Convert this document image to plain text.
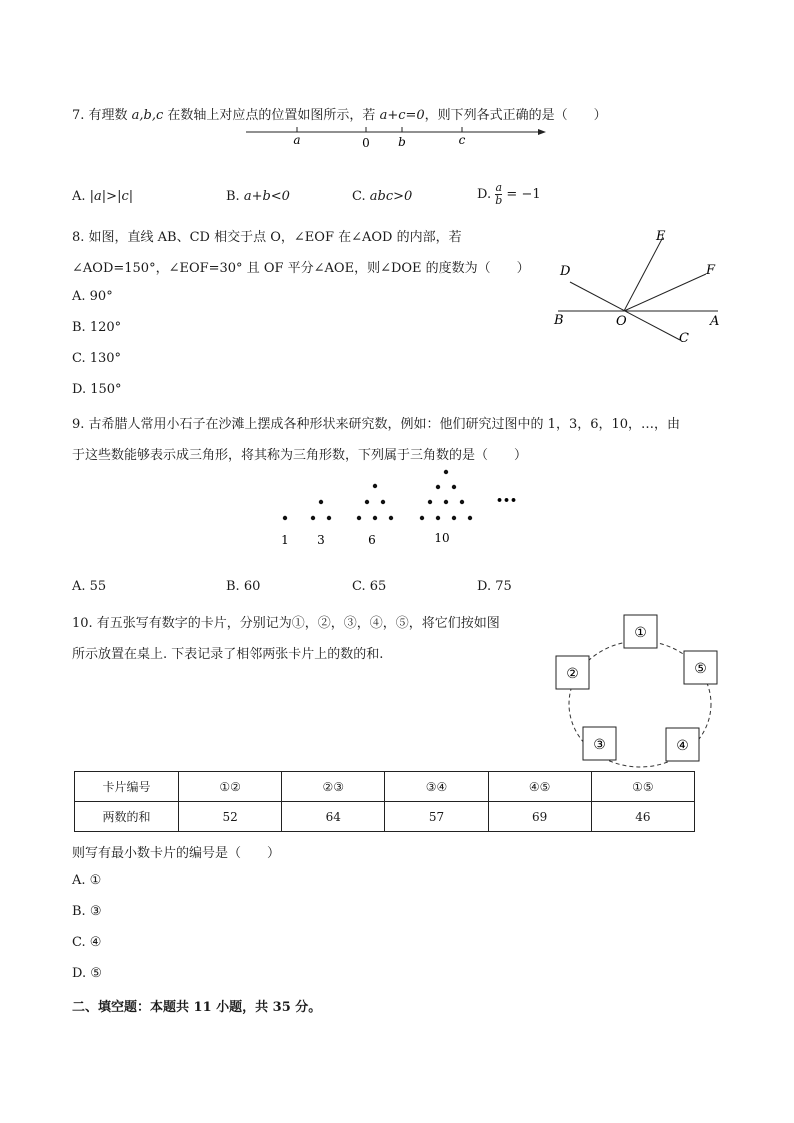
7. 有理数 a,b,c 在数轴上对应点的位置如图所示，若 a+c=0，则下列各式正确的是（　　）
a	0 b	c
A. |a|>|c|	B. a+b<0	C. abc>0	D. $\frac{a}{b} = -1$
8. 如图，直线 AB、CD 相交于点 O，∠EOF 在∠AOD 的内部，若
∠AOD=150°，∠EOF=30° 且 OF 平分∠AOE，则∠DOE 的度数为（　　）
A. 90°
B. 120°
C. 130°
D. 150°
E
D	F
B	O	A
C
9. 古希腊人常用小石子在沙滩上摆成各种形状来研究数，例如：他们研究过图中的 1，3，6，10，…，由
于这些数能够表示成三角形，将其称为三角形数，下列属于三角数的是（　　）
•••
1 3	6	10
A. 55	B. 60	C. 65	D. 75
10. 有五张写有数字的卡片，分别记为①，②，③，④，⑤，将它们按如图
所示放置在桌上. 下表记录了相邻两张卡片上的数的和.
①
②	⑤
③	④
卡片编号	①②	②③	③④	④⑤	①⑤
两数的和	52	64	57	69	46
则写有最小数卡片的编号是（　　）
A. ①
B. ③
C. ④
D. ⑤
二、填空题：本题共 11 小题，共 35 分。
